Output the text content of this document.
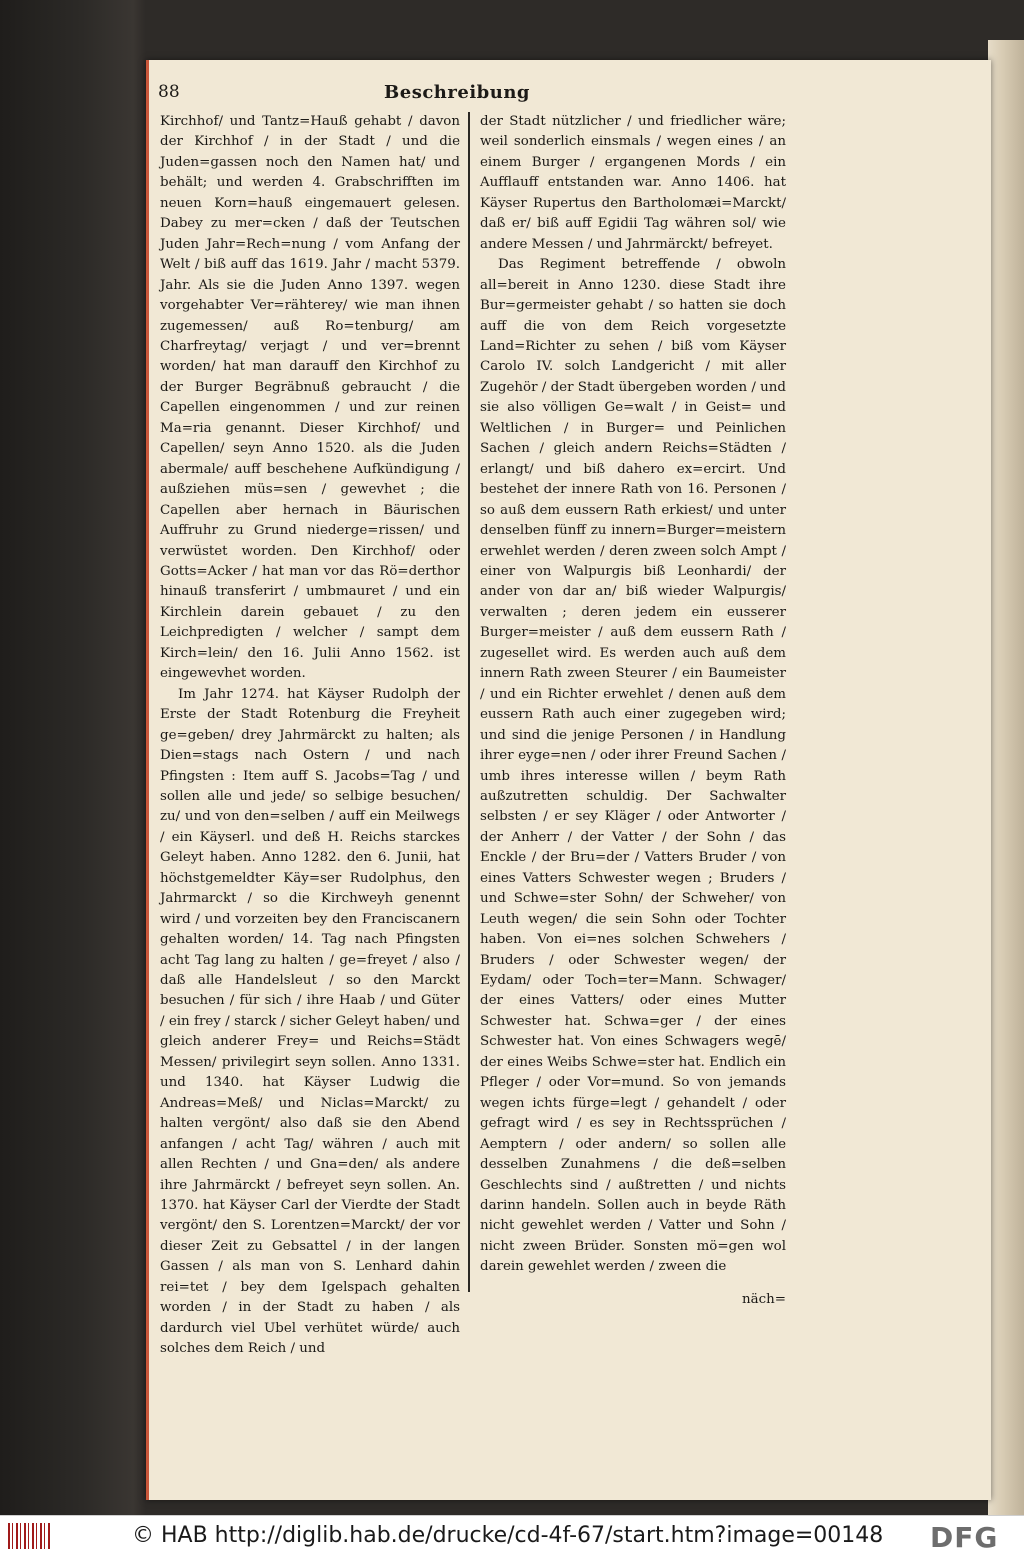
88	Beschreibung

Kirchhof/ und Tantz=Hauß gehabt / davon der Kirchhof / in der Stadt / und die Juden=gassen noch den Namen hat/ und behält; und werden 4. Grabschrifften im neuen Korn=hauß eingemauert gelesen. Dabey zu mer=cken / daß der Teutschen Juden Jahr=Rech=nung / vom Anfang der Welt / biß auff das 1619. Jahr / macht 5379. Jahr. Als sie die Juden Anno 1397. wegen vorgehabter Ver=rähterey/ wie man ihnen zugemessen/ auß Ro=tenburg/ am Charfreytag/ verjagt / und ver=brennt worden/ hat man darauff den Kirchhof zu der Burger Begräbnuß gebraucht / die Capellen eingenommen / und zur reinen Ma=ria genannt. Dieser Kirchhof/ und Capellen/ seyn Anno 1520. als die Juden abermale/ auff beschehene Aufkündigung / außziehen müs=sen / gewevhet ; die Capellen aber hernach in Bäurischen Auffruhr zu Grund niederge=rissen/ und verwüstet worden. Den Kirchhof/ oder Gotts=Acker / hat man vor das Rö=derthor hinauß transferirt / umbmauret / und ein Kirchlein darein gebauet / zu den Leichpredigten / welcher / sampt dem Kirch=lein/ den 16. Julii Anno 1562. ist eingewevhet worden.

Im Jahr 1274. hat Käyser Rudolph der Erste der Stadt Rotenburg die Freyheit ge=geben/ drey Jahrmärckt zu halten; als Dien=stags nach Ostern / und nach Pfingsten : Item auff S. Jacobs=Tag / und sollen alle und jede/ so selbige besuchen/ zu/ und von den=selben / auff ein Meilwegs / ein Käyserl. und deß H. Reichs starckes Geleyt haben. Anno 1282. den 6. Junii, hat höchstgemeldter Käy=ser Rudolphus, den Jahrmarckt / so die Kirchweyh genennt wird / und vorzeiten bey den Franciscanern gehalten worden/ 14. Tag nach Pfingsten acht Tag lang zu halten / ge=freyet / also / daß alle Handelsleut / so den Marckt besuchen / für sich / ihre Haab / und Güter / ein frey / starck / sicher Geleyt haben/ und gleich anderer Frey= und Reichs=Städt Messen/ privilegirt seyn sollen. Anno 1331. und 1340. hat Käyser Ludwig die Andreas=Meß/ und Niclas=Marckt/ zu halten vergönt/ also daß sie den Abend anfangen / acht Tag/ währen / auch mit allen Rechten / und Gna=den/ als andere ihre Jahrmärckt / befreyet seyn sollen. An. 1370. hat Käyser Carl der Vierdte der Stadt vergönt/ den S. Lorentzen=Marckt/ der vor dieser Zeit zu Gebsattel / in der langen Gassen / als man von S. Lenhard dahin rei=tet / bey dem Igelspach gehalten worden / in der Stadt zu haben / als dardurch viel Ubel verhütet würde/ auch solches dem Reich / und

der Stadt nützlicher / und friedlicher wäre; weil sonderlich einsmals / wegen eines / an einem Burger / ergangenen Mords / ein Aufflauff entstanden war. Anno 1406. hat Käyser Rupertus den Bartholomæi=Marckt/ daß er/ biß auff Egidii Tag währen sol/ wie andere Messen / und Jahrmärckt/ befreyet.

Das Regiment betreffende / obwoln all=bereit in Anno 1230. diese Stadt ihre Bur=germeister gehabt / so hatten sie doch auff die von dem Reich vorgesetzte Land=Richter zu sehen / biß vom Käyser Carolo IV. solch Landgericht / mit aller Zugehör / der Stadt übergeben worden / und sie also völligen Ge=walt / in Geist= und Weltlichen / in Burger= und Peinlichen Sachen / gleich andern Reichs=Städten / erlangt/ und biß dahero ex=ercirt. Und bestehet der innere Rath von 16. Personen / so auß dem eussern Rath erkiest/ und unter denselben fünff zu innern=Burger=meistern erwehlet werden / deren zween solch Ampt / einer von Walpurgis biß Leonhardi/ der ander von dar an/ biß wieder Walpurgis/ verwalten ; deren jedem ein eusserer Burger=meister / auß dem eussern Rath / zugesellet wird. Es werden auch auß dem innern Rath zween Steurer / ein Baumeister / und ein Richter erwehlet / denen auß dem eussern Rath auch einer zugegeben wird; und sind die jenige Personen / in Handlung ihrer eyge=nen / oder ihrer Freund Sachen / umb ihres interesse willen / beym Rath außzutretten schuldig. Der Sachwalter selbsten / er sey Kläger / oder Antworter / der Anherr / der Vatter / der Sohn / das Enckle / der Bru=der / Vatters Bruder / von eines Vatters Schwester wegen ; Bruders / und Schwe=ster Sohn/ der Schweher/ von Leuth wegen/ die sein Sohn oder Tochter haben. Von ei=nes solchen Schwehers / Bruders / oder Schwester wegen/ der Eydam/ oder Toch=ter=Mann. Schwager/ der eines Vatters/ oder eines Mutter Schwester hat. Schwa=ger / der eines Schwester hat. Von eines Schwagers wegē/ der eines Weibs Schwe=ster hat. Endlich ein Pfleger / oder Vor=mund. So von jemands wegen ichts fürge=legt / gehandelt / oder gefragt wird / es sey in Rechtssprüchen / Aemptern / oder andern/ so sollen alle desselben Zunahmens / die deß=selben Geschlechts sind / außtretten / und nichts darinn handeln. Sollen auch in beyde Räth nicht gewehlet werden / Vatter und Sohn / nicht zween Brüder. Sonsten mö=gen wol darein gewehlet werden / zween die

näch=
© HAB http://diglib.hab.de/drucke/cd-4f-67/start.htm?image=00148 DFG
